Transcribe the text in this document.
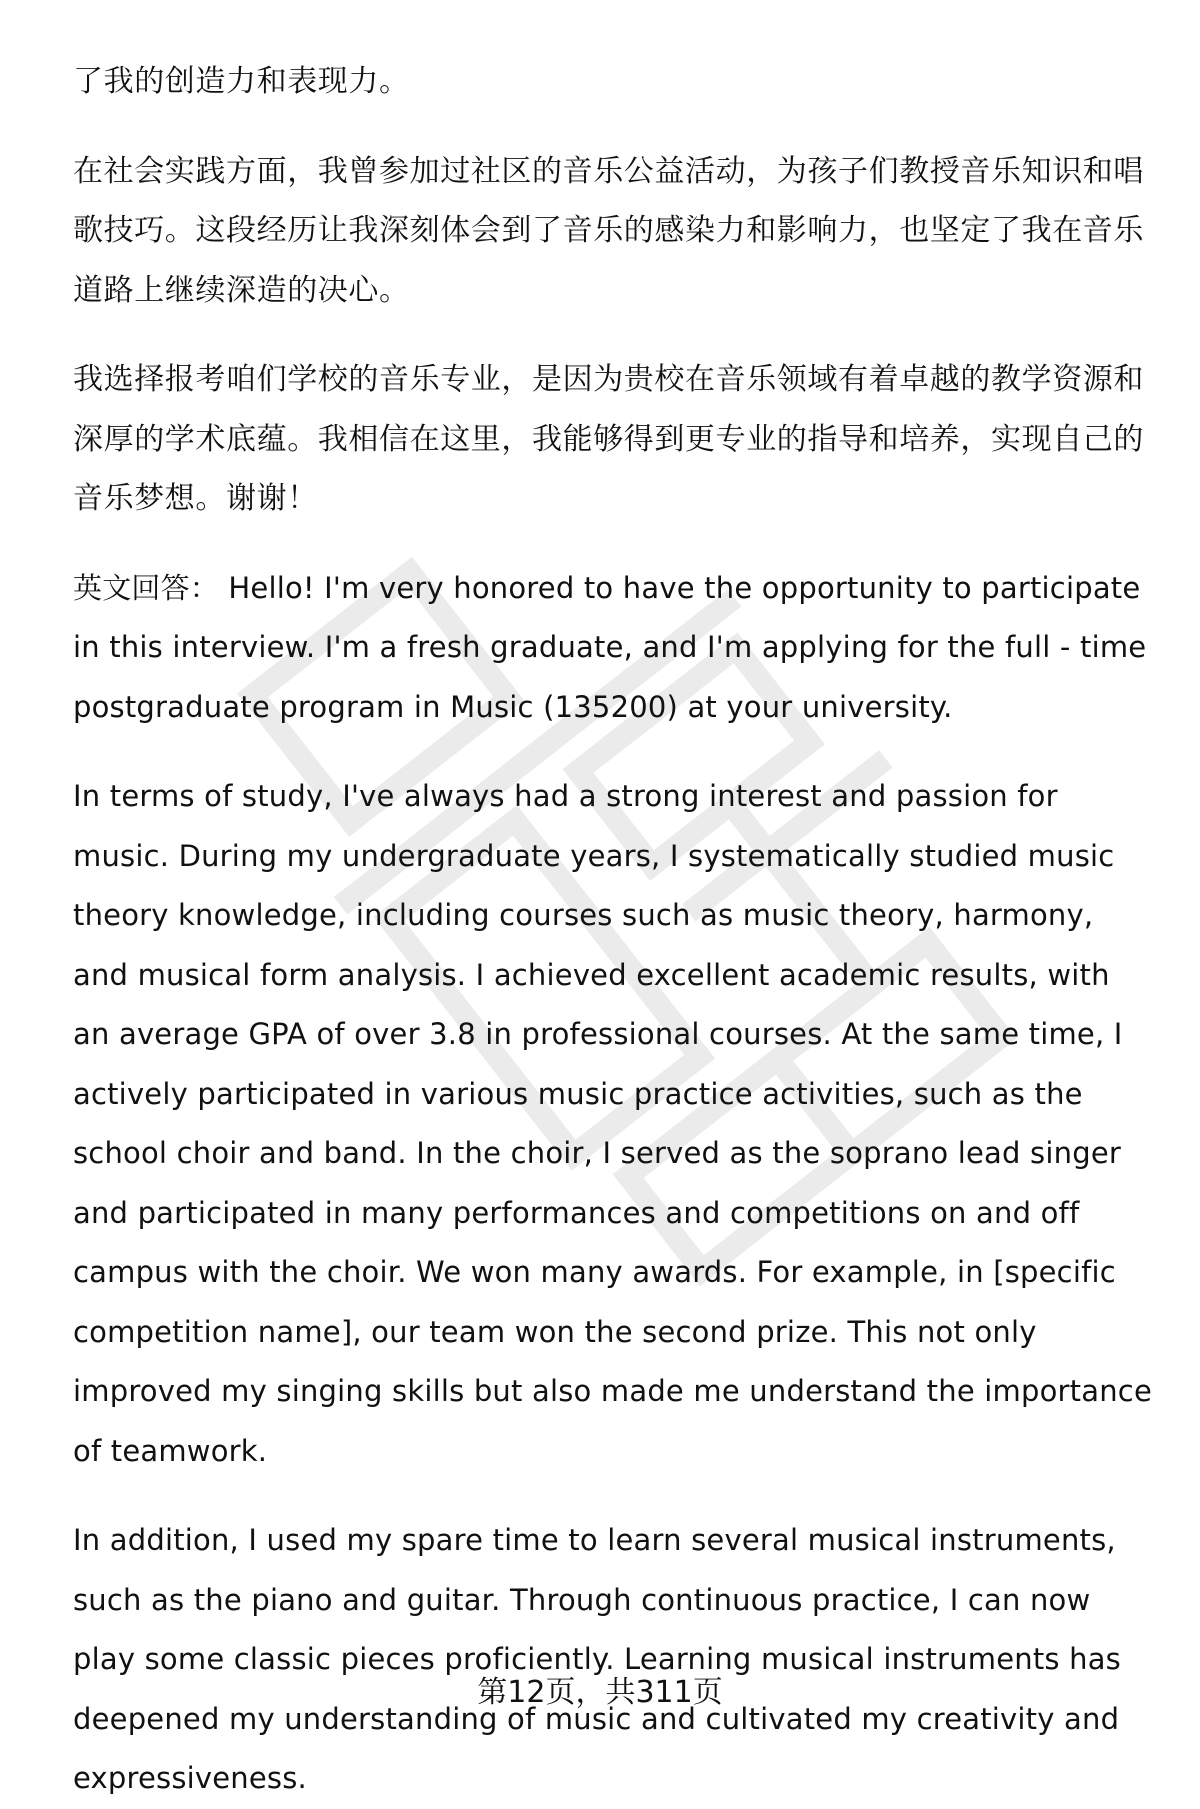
了我的创造力和表现力。

在社会实践方面，我曾参加过社区的音乐公益活动，为孩子们教授音乐知识和唱歌技巧。这段经历让我深刻体会到了音乐的感染力和影响力，也坚定了我在音乐道路上继续深造的决心。

我选择报考咱们学校的音乐专业，是因为贵校在音乐领域有着卓越的教学资源和深厚的学术底蕴。我相信在这里，我能够得到更专业的指导和培养，实现自己的音乐梦想。谢谢！

英文回答： Hello! I'm very honored to have the opportunity to participate in this interview. I'm a fresh graduate, and I'm applying for the full - time postgraduate program in Music (135200) at your university.

In terms of study, I've always had a strong interest and passion for music. During my undergraduate years, I systematically studied music theory knowledge, including courses such as music theory, harmony, and musical form analysis. I achieved excellent academic results, with an average GPA of over 3.8 in professional courses. At the same time, I actively participated in various music practice activities, such as the school choir and band. In the choir, I served as the soprano lead singer and participated in many performances and competitions on and off campus with the choir. We won many awards. For example, in [specific competition name], our team won the second prize. This not only improved my singing skills but also made me understand the importance of teamwork.

In addition, I used my spare time to learn several musical instruments, such as the piano and guitar. Through continuous practice, I can now play some classic pieces proficiently. Learning musical instruments has deepened my understanding of music and cultivated my creativity and expressiveness.

第12页，共311页
